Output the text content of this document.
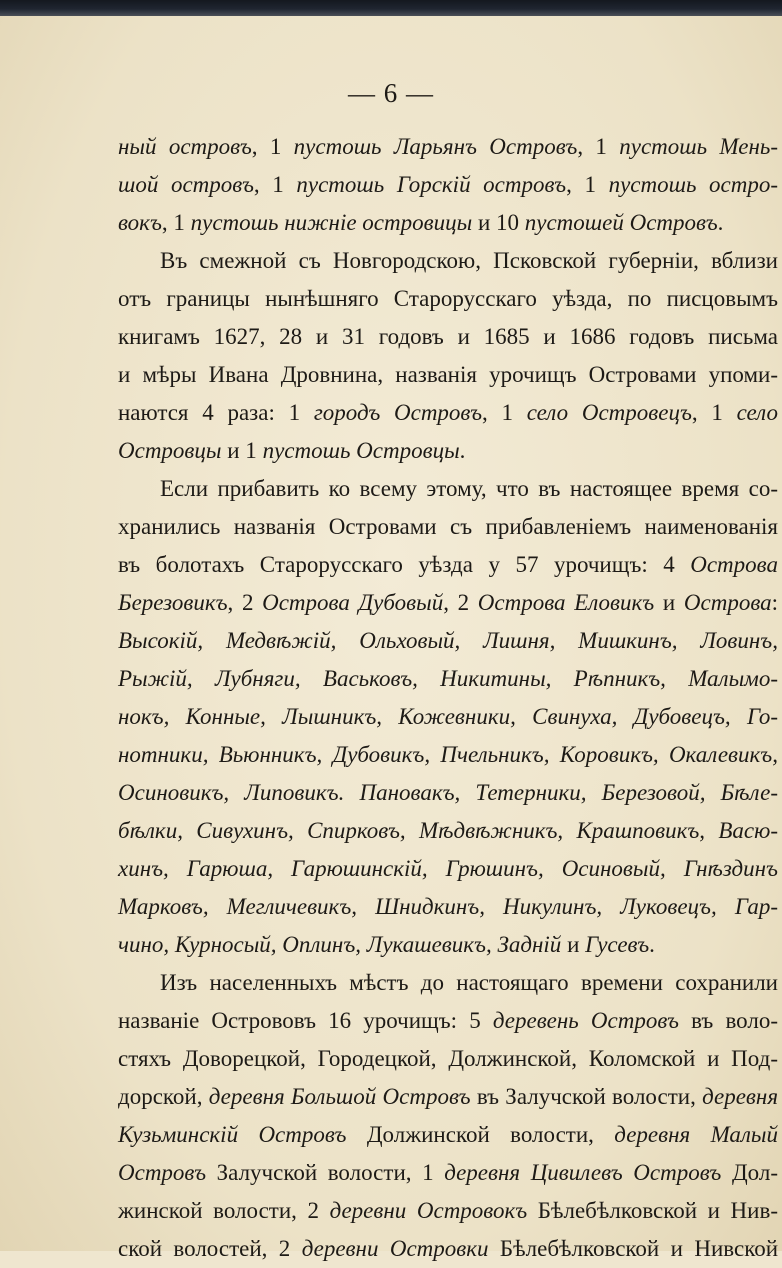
— 6 —
ный островъ, 1 пустошь Ларьянъ Островъ, 1 пустошь Мень-
шой островъ, 1 пустошь Горскій островъ, 1 пустошь остро-
вокъ, 1 пустошь нижніе островицы и 10 пустошей Островъ.
Въ смежной съ Новгородскою, Псковской губерніи, вблизи
отъ границы нынѣшняго Старорусскаго уѣзда, по писцовымъ
книгамъ 1627, 28 и 31 годовъ и 1685 и 1686 годовъ письма
и мѣры Ивана Дровнина, названія урочищъ Островами упоми-
наются 4 раза: 1 городъ Островъ, 1 село Островецъ, 1 село
Островцы и 1 пустошь Островцы.
Если прибавить ко всему этому, что въ настоящее время со-
хранились названія Островами съ прибавленіемъ наименованія
въ болотахъ Старорусскаго уѣзда у 57 урочищъ: 4 Острова
Березовикъ, 2 Острова Дубовый, 2 Острова Еловикъ и Острова:
Высокій, Медвѣжій, Ольховый, Лишня, Мишкинъ, Ловинъ,
Рыжій, Лубняги, Васьковъ, Никитины, Рѣпникъ, Малымо-
нокъ, Конные, Лышникъ, Кожевники, Свинуха, Дубовецъ, Го-
нотники, Вьюнникъ, Дубовикъ, Пчельникъ, Коровикъ, Окалевикъ,
Осиновикъ, Липовикъ. Пановакъ, Тетерники, Березовой, Бѣле-
бѣлки, Сивухинъ, Спирковъ, Мѣдвѣжникъ, Крашповикъ, Васю-
хинъ, Гарюша, Гарюшинскій, Грюшинъ, Осиновый, Гнѣздинъ
Марковъ, Мегличевикъ, Шнидкинъ, Никулинъ, Луковецъ, Гар-
чино, Курносый, Оплинъ, Лукашевикъ, Задній и Гусевъ.
Изъ населенныхъ мѣстъ до настоящаго времени сохранили
названіе Острововъ 16 урочищъ: 5 деревень Островъ въ воло-
стяхъ Доворецкой, Городецкой, Должинской, Коломской и Под-
дорской, деревня Большой Островъ въ Залучской волости, деревня
Кузьминскій Островъ Должинской волости, деревня Малый
Островъ Залучской волости, 1 деревня Цивилевъ Островъ Дол-
жинской волости, 2 деревни Островокъ Бѣлебѣлковской и Нив-
ской волостей, 2 деревни Островки Бѣлебѣлковской и Нивской
